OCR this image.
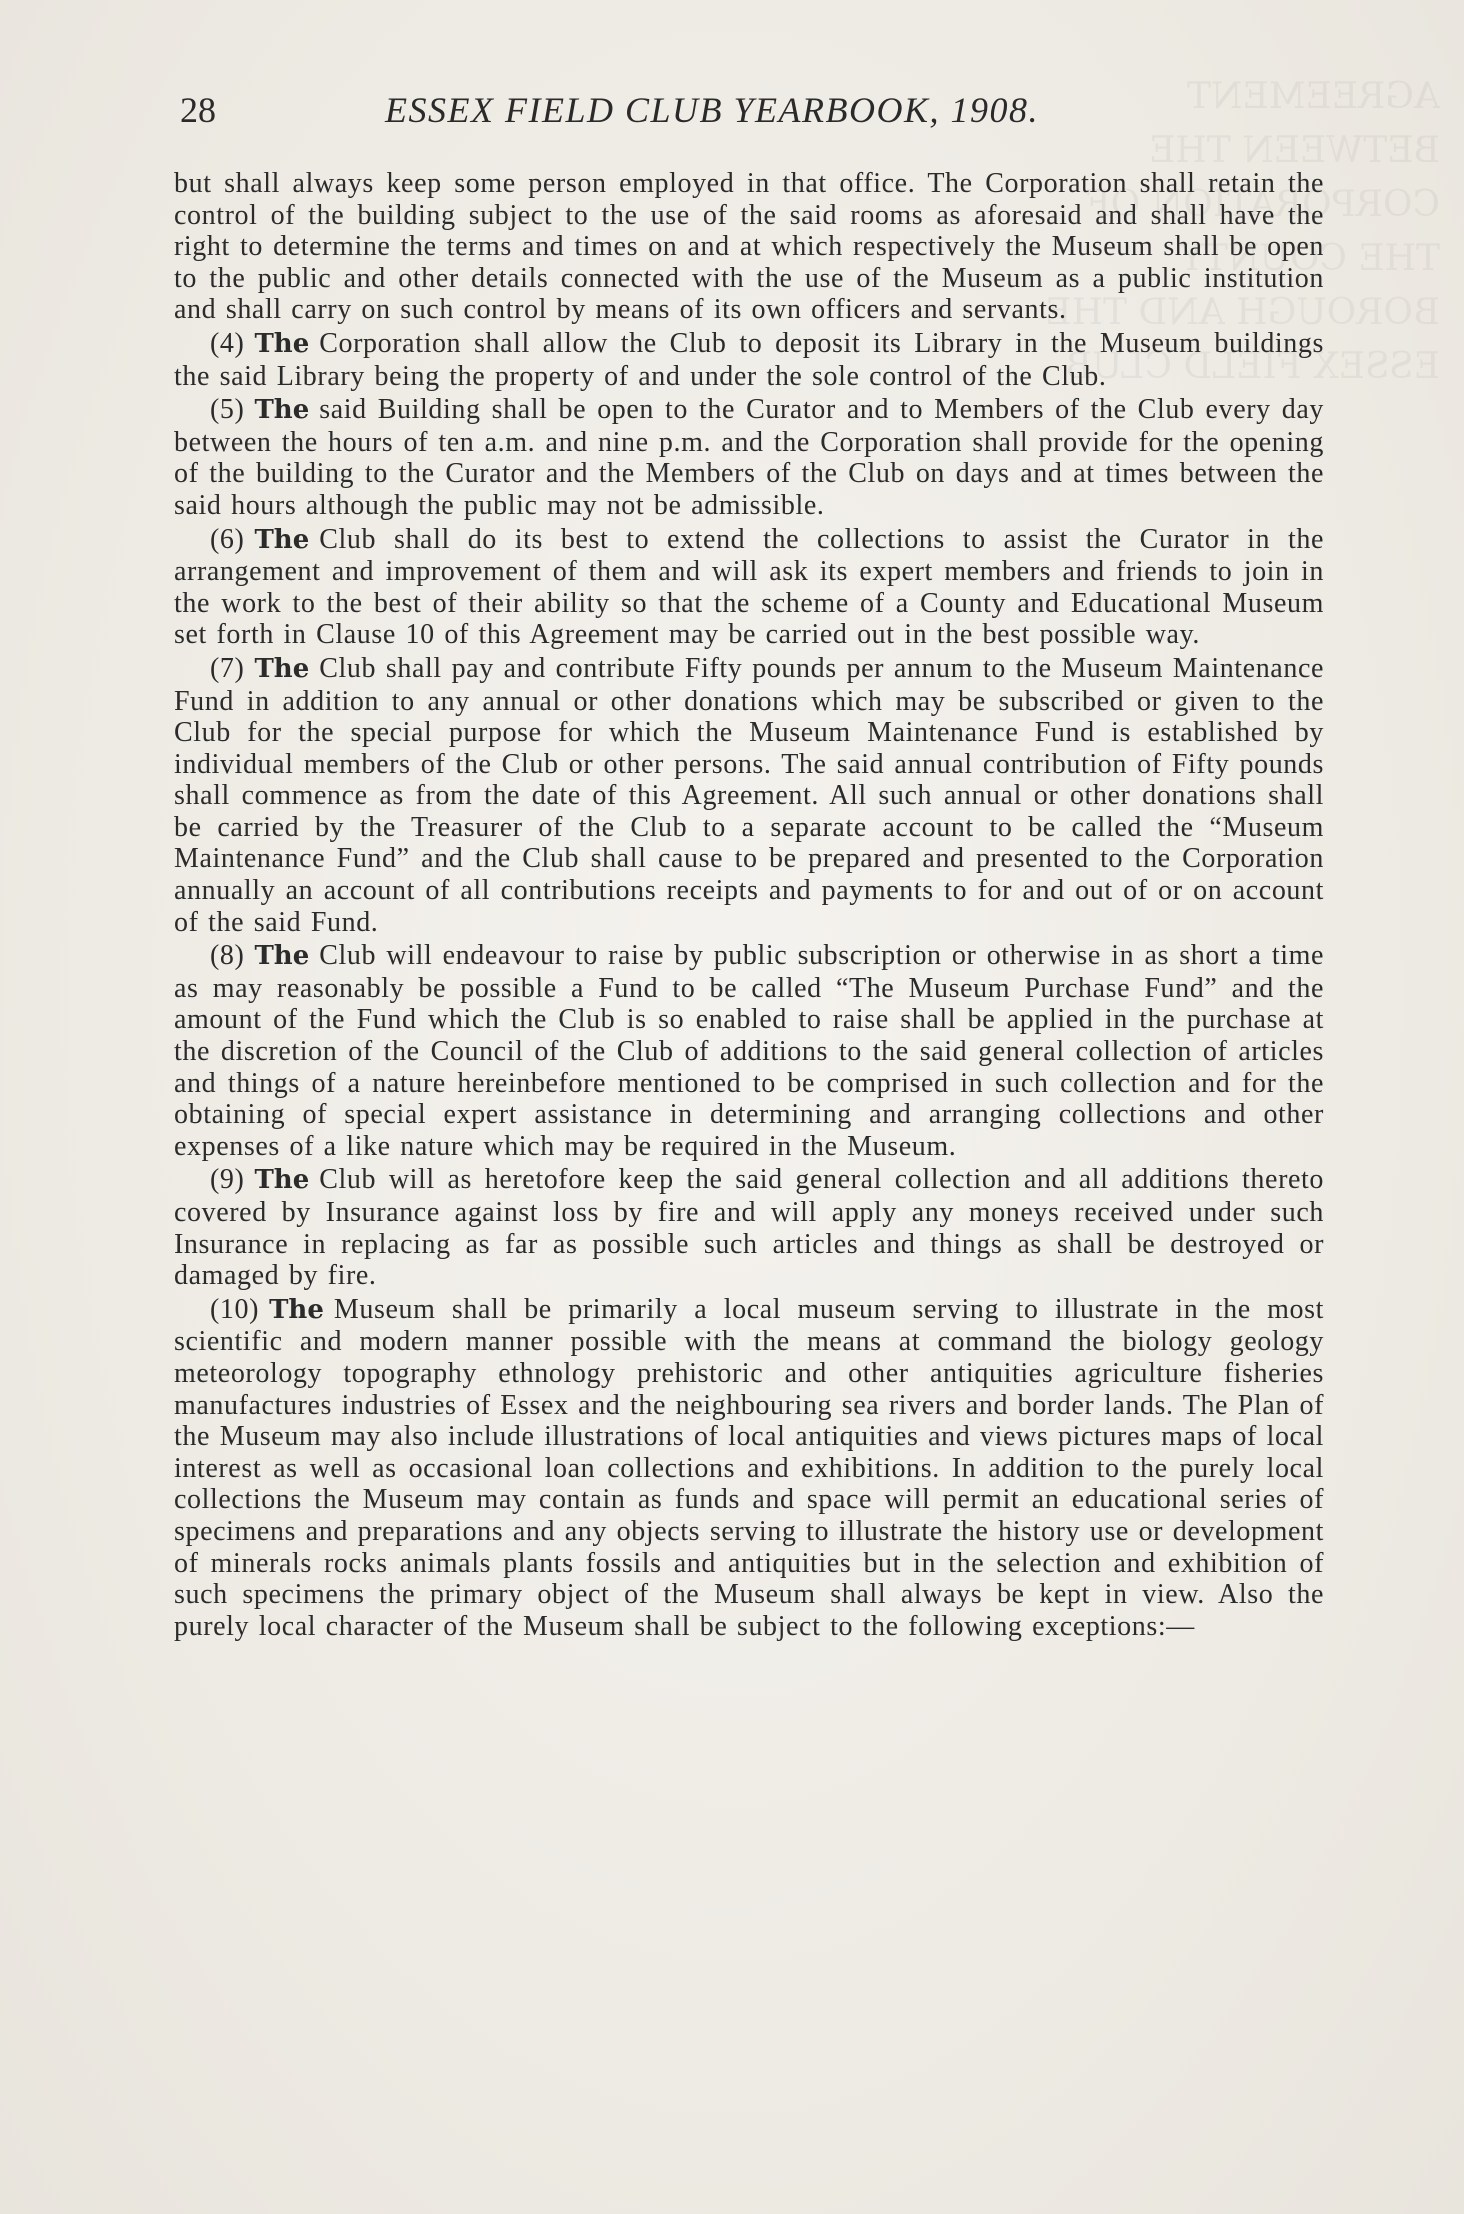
28	ESSEX FIELD CLUB YEARBOOK, 1908.

but shall always keep some person employed in that office. The Corporation shall retain the control of the building subject to the use of the said rooms as aforesaid and shall have the right to determine the terms and times on and at which respectively the Museum shall be open to the public and other details connected with the use of the Museum as a public institution and shall carry on such control by means of its own officers and servants.

(4) The Corporation shall allow the Club to deposit its Library in the Museum buildings the said Library being the property of and under the sole control of the Club.

(5) The said Building shall be open to the Curator and to Members of the Club every day between the hours of ten a.m. and nine p.m. and the Corporation shall provide for the opening of the building to the Curator and the Members of the Club on days and at times between the said hours although the public may not be admissible.

(6) The Club shall do its best to extend the collections to assist the Curator in the arrangement and improvement of them and will ask its expert members and friends to join in the work to the best of their ability so that the scheme of a County and Educational Museum set forth in Clause 10 of this Agreement may be carried out in the best possible way.

(7) The Club shall pay and contribute Fifty pounds per annum to the Museum Maintenance Fund in addition to any annual or other donations which may be subscribed or given to the Club for the special purpose for which the Museum Maintenance Fund is established by individual members of the Club or other persons. The said annual contribution of Fifty pounds shall commence as from the date of this Agreement. All such annual or other donations shall be carried by the Treasurer of the Club to a separate account to be called the “Museum Maintenance Fund” and the Club shall cause to be prepared and presented to the Corporation annually an account of all contributions receipts and payments to for and out of or on account of the said Fund.

(8) The Club will endeavour to raise by public subscription or otherwise in as short a time as may reasonably be possible a Fund to be called “The Museum Purchase Fund” and the amount of the Fund which the Club is so enabled to raise shall be applied in the purchase at the discretion of the Council of the Club of additions to the said general collection of articles and things of a nature hereinbefore mentioned to be comprised in such collection and for the obtaining of special expert assistance in determining and arranging collections and other expenses of a like nature which may be required in the Museum.

(9) The Club will as heretofore keep the said general collection and all additions thereto covered by Insurance against loss by fire and will apply any moneys received under such Insurance in replacing as far as possible such articles and things as shall be destroyed or damaged by fire.

(10) The Museum shall be primarily a local museum serving to illustrate in the most scientific and modern manner possible with the means at command the biology geology meteorology topography ethnology prehistoric and other antiquities agriculture fisheries manufactures industries of Essex and the neighbouring sea rivers and border lands. The Plan of the Museum may also include illustrations of local antiquities and views pictures maps of local interest as well as occasional loan collections and exhibitions. In addition to the purely local collections the Museum may contain as funds and space will permit an educational series of specimens and preparations and any objects serving to illustrate the history use or development of minerals rocks animals plants fossils and antiquities but in the selection and exhibition of such specimens the primary object of the Museum shall always be kept in view. Also the purely local character of the Museum shall be subject to the following exceptions:—
